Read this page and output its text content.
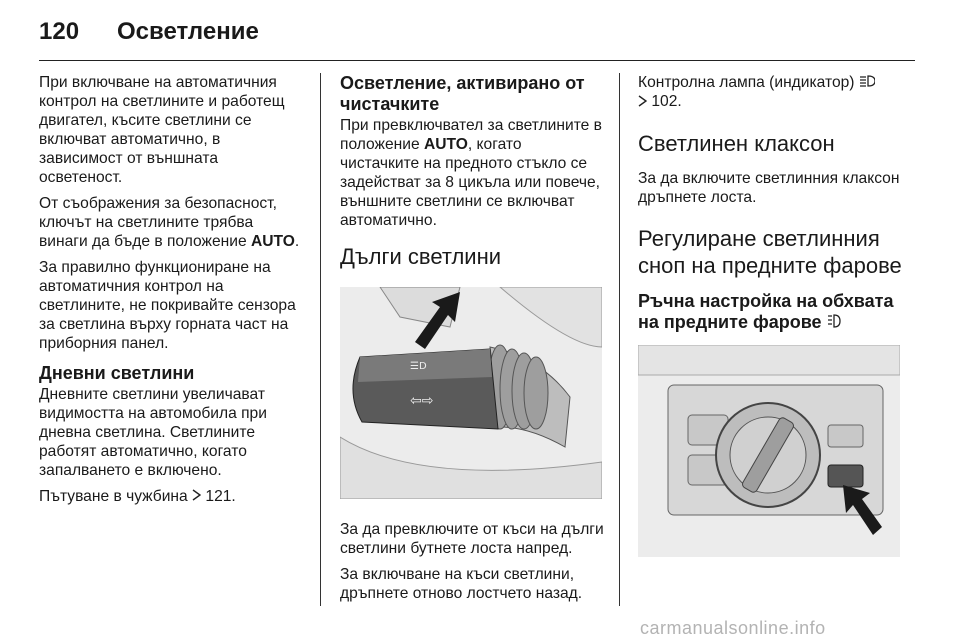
120 Осветление

При включване на автоматичния контрол на светлините и работещ двигател, късите светлини се включват автоматично, в зависимост от външната осветеност.

От съображения за безопасност, ключът на светлините трябва винаги да бъде в положение AUTO.

За правилно функциониране на автоматичния контрол на светлините, не покривайте сензора за светлина върху горната част на приборния панел.

Дневни светлини

Дневните светлини увеличават видимостта на автомобила при дневна светлина. Светлините работят автоматично, когато запалването е включено.

Пътуване в чужбина  121.

Осветление, активирано от чистачките

При превключвател за светлините в положение AUTO, когато чистачките на предното стъкло се задействат за 8 цикъла или повече, външните светлини се включват автоматично.

Дълги светлини
☰D
⇦⇨

За да превключите от къси на дълги светлини бутнете лоста напред.

За включване на къси светлини, дръпнете отново лостчето назад.

Контролна лампа (индикатор)
102.

Светлинен клаксон

За да включите светлинния клаксон дръпнете лоста.

Регулиране светлинния сноп на предните фарове
Ръчна настройка на обхвата на предните фарове
carmanualsonline.info
